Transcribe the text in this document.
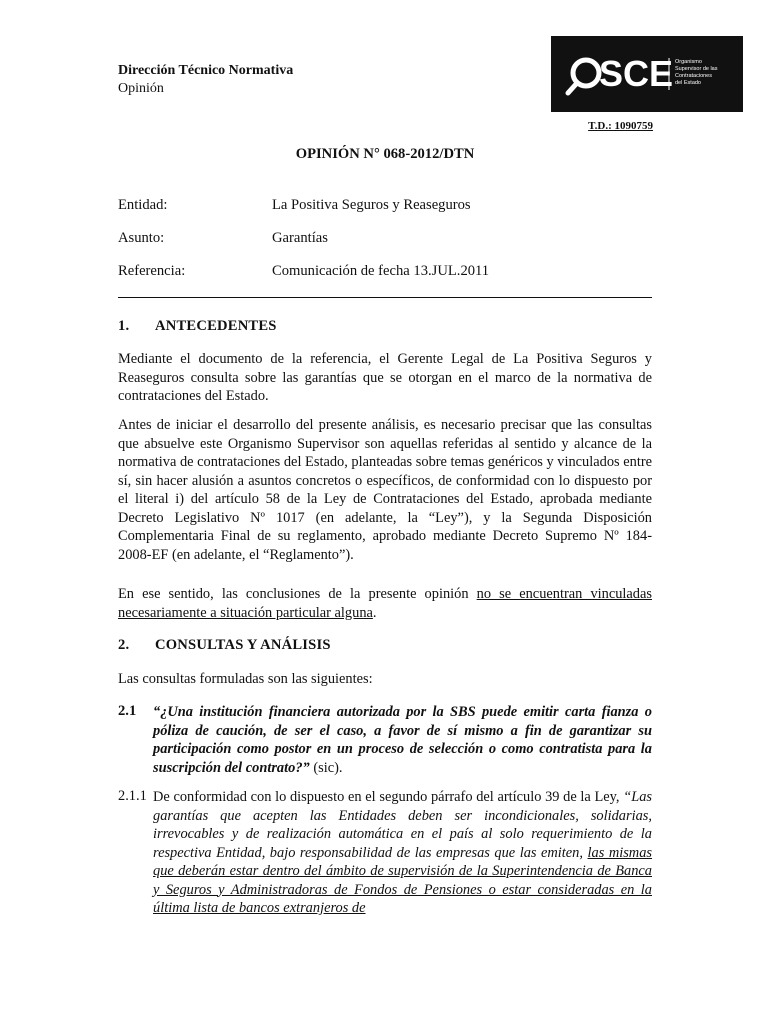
Dirección Técnico Normativa
Opinión	SCE Organismo
Supervisor de las
Contrataciones
del Estado
T.D.: 1090759
OPINIÓN N° 068-2012/DTN
Entidad:	La Positiva Seguros y Reaseguros
Asunto:	Garantías
Referencia:	Comunicación de fecha 13.JUL.2011
1. ANTECEDENTES
Mediante el documento de la referencia, el Gerente Legal de La Positiva Seguros y Reaseguros consulta sobre las garantías que se otorgan en el marco de la normativa de contrataciones del Estado.
Antes de iniciar el desarrollo del presente análisis, es necesario precisar que las consultas que absuelve este Organismo Supervisor son aquellas referidas al sentido y alcance de la normativa de contrataciones del Estado, planteadas sobre temas genéricos y vinculados entre sí, sin hacer alusión a asuntos concretos o específicos, de conformidad con lo dispuesto por el literal i) del artículo 58 de la Ley de Contrataciones del Estado, aprobada mediante Decreto Legislativo Nº 1017 (en adelante, la “Ley”), y la Segunda Disposición Complementaria Final de su reglamento, aprobado mediante Decreto Supremo Nº 184-2008-EF (en adelante, el “Reglamento”).
En ese sentido, las conclusiones de la presente opinión no se encuentran vinculadas necesariamente a situación particular alguna.
2. CONSULTAS Y ANÁLISIS
Las consultas formuladas son las siguientes:
2.1 “¿Una institución financiera autorizada por la SBS puede emitir carta fianza o póliza de caución, de ser el caso, a favor de sí mismo a fin de garantizar su participación como postor en un proceso de selección o como contratista para la suscripción del contrato?” (sic).
2.1.1 De conformidad con lo dispuesto en el segundo párrafo del artículo 39 de la Ley, “Las garantías que acepten las Entidades deben ser incondicionales, solidarias, irrevocables y de realización automática en el país al solo requerimiento de la respectiva Entidad, bajo responsabilidad de las empresas que las emiten, las mismas que deberán estar dentro del ámbito de supervisión de la Superintendencia de Banca y Seguros y Administradoras de Fondos de Pensiones o estar consideradas en la última lista de bancos extranjeros de
